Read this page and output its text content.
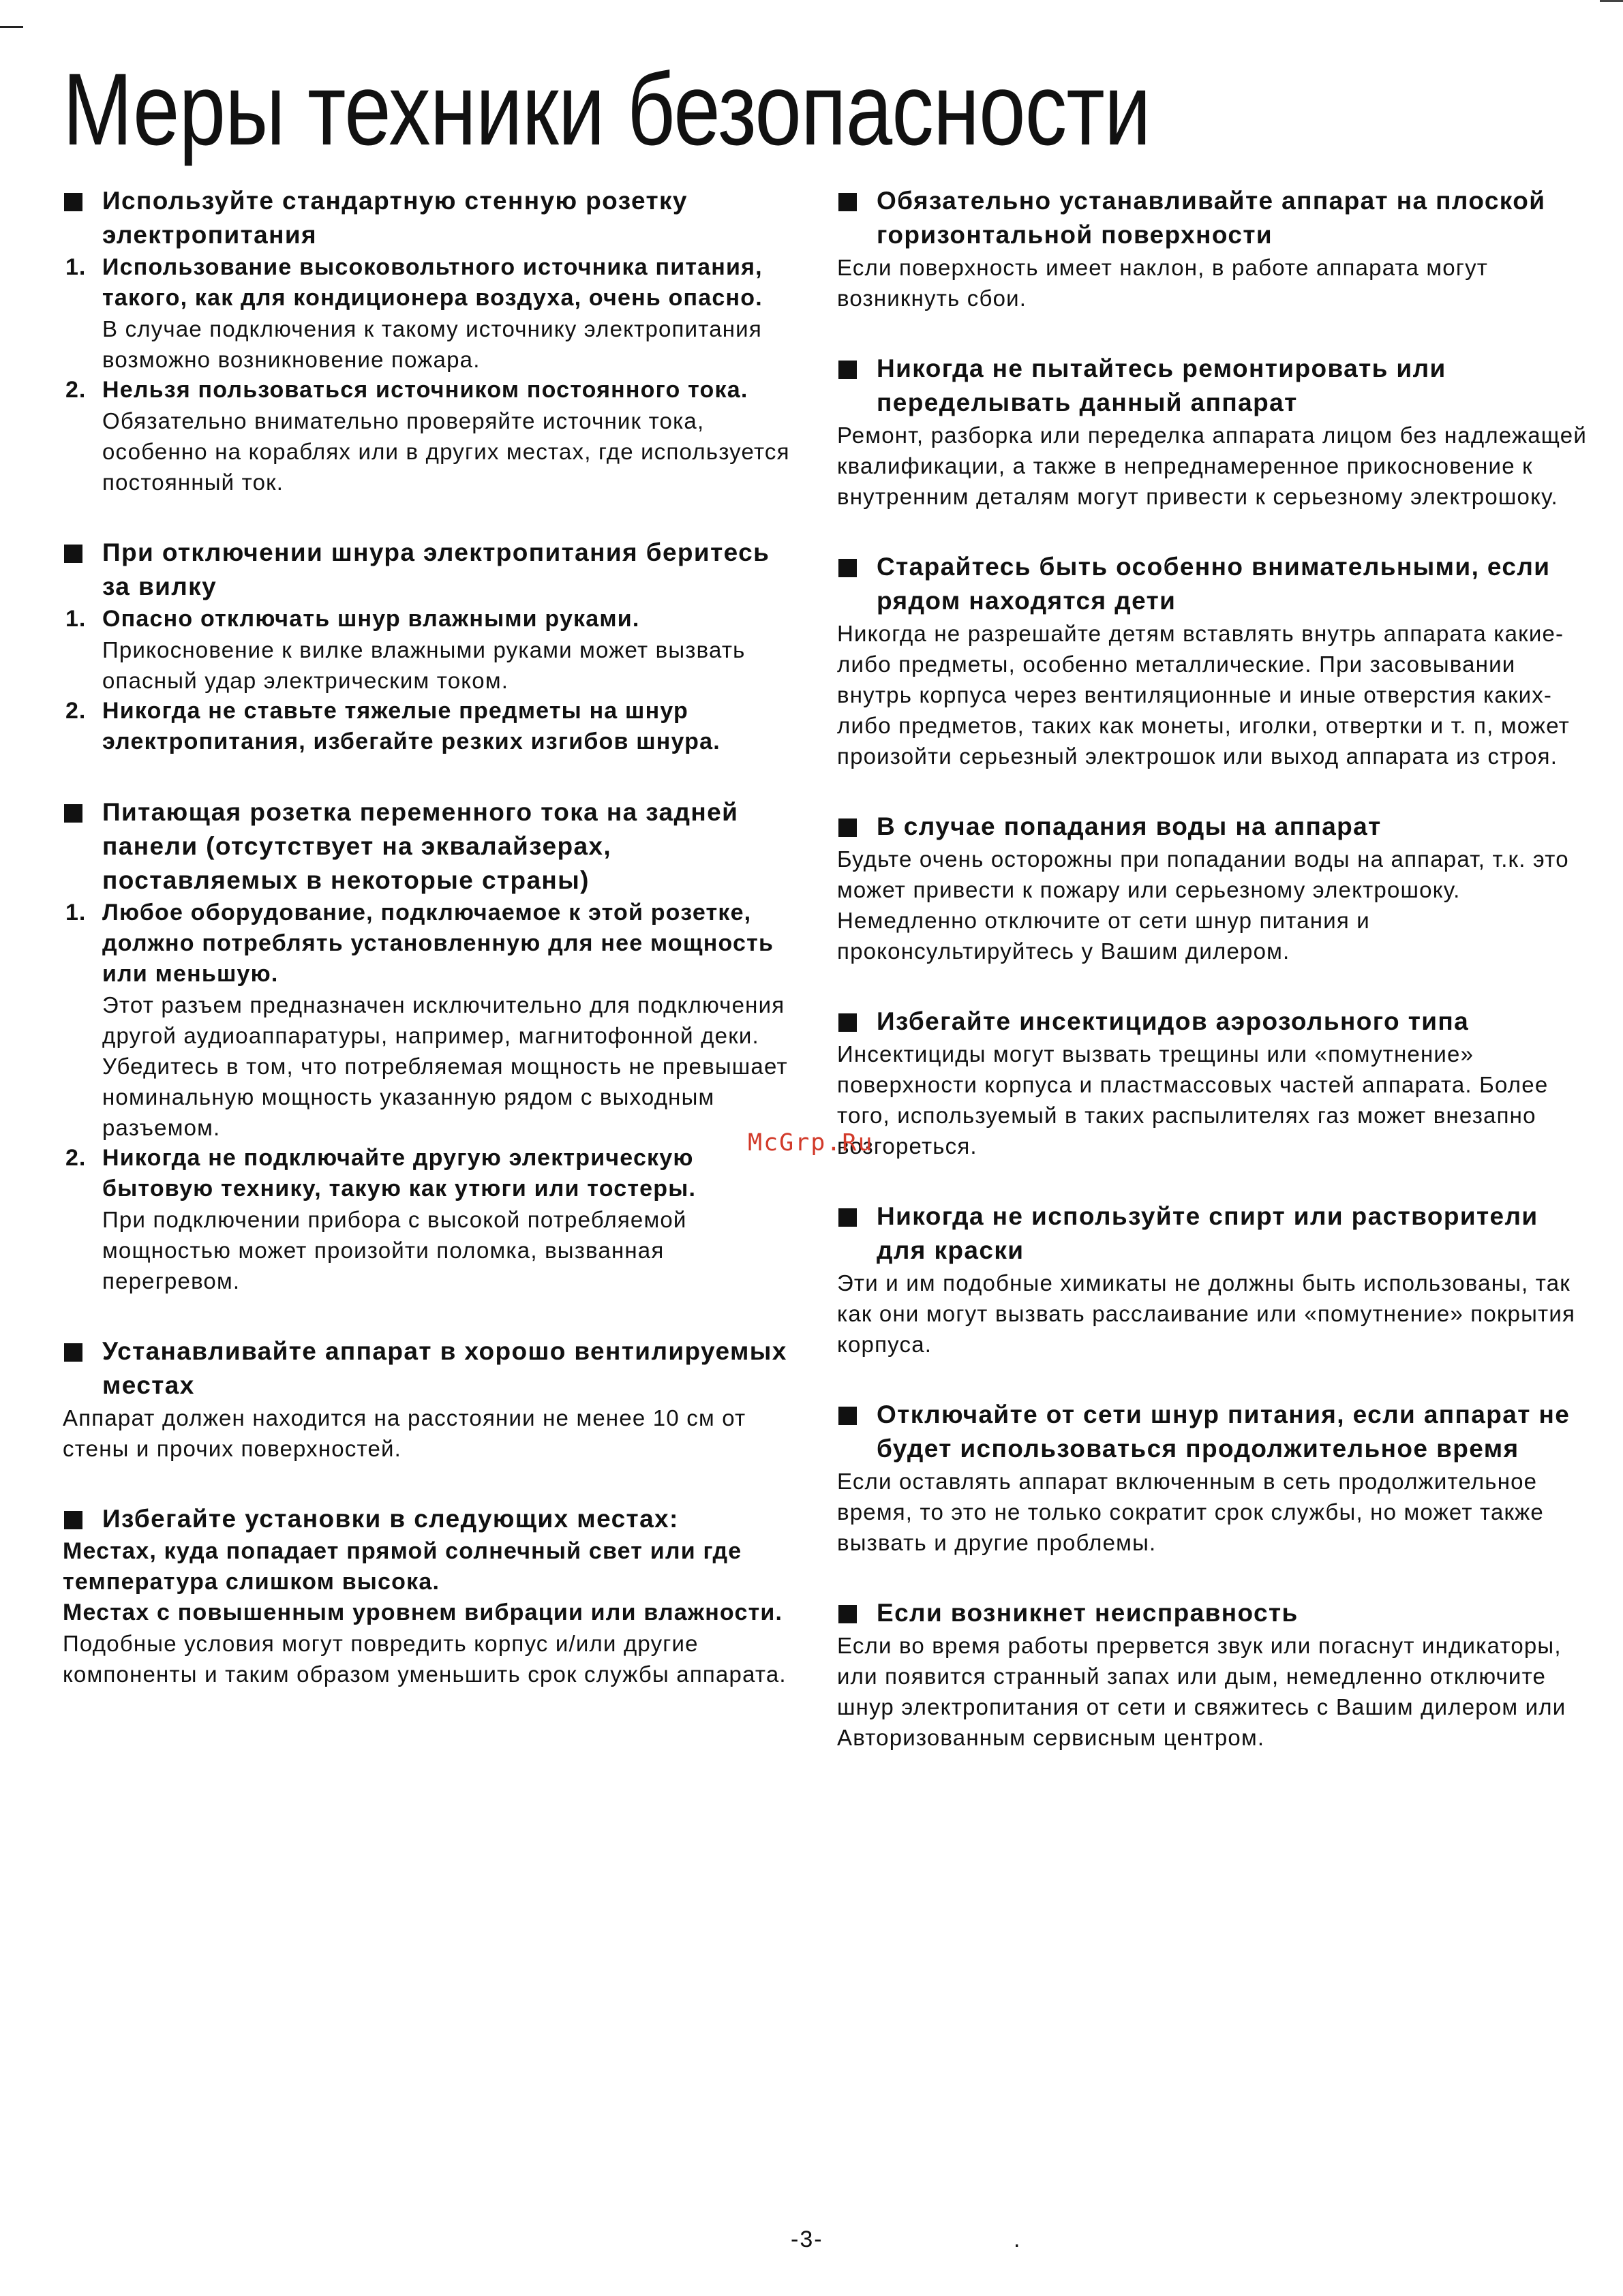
Меры техники безопасности
Используйте стандартную стенную розетку электропитания
1. Использование высоковольтного источника питания, такого, как для кондиционера воздуха, очень опасно.
В случае подключения к такому источнику электропитания возможно возникновение пожара.
2. Нельзя пользоваться источником постоянного тока.
Обязательно внимательно проверяйте источник тока, особенно на кораблях или в других местах, где используется постоянный ток.
При отключении шнура электропитания беритесь за вилку
1. Опасно отключать шнур влажными руками.
Прикосновение к вилке влажными руками может вызвать опасный удар электрическим током.
2. Никогда не ставьте тяжелые предметы на шнур электропитания, избегайте резких изгибов шнура.
Питающая розетка переменного тока на задней панели (отсутствует на эквалайзерах, поставляемых в некоторые страны)
1. Любое оборудование, подключаемое к этой розетке, должно потреблять установленную для нее мощность или меньшую.
Этот разъем предназначен исключительно для подключения другой аудиоаппаратуры, например, магнитофонной деки. Убедитесь в том, что потребляемая мощность не превышает номинальную мощность указанную рядом с выходным разъемом.
2. Никогда не подключайте другую электрическую бытовую технику, такую как утюги или тостеры.
При подключении прибора с высокой потребляемой мощностью может произойти поломка, вызванная перегревом.
Устанавливайте аппарат в хорошо вентилируемых местах
Аппарат должен находится на расстоянии не менее 10 см от стены и прочих поверхностей.
Избегайте установки в следующих местах:
Местах, куда попадает прямой солнечный свет или где температура слишком высока.
Местах с повышенным уровнем вибрации или влажности.
Подобные условия могут повредить корпус и/или другие компоненты и таким образом уменьшить срок службы аппарата.
Обязательно устанавливайте аппарат на плоской горизонтальной поверхности
Если поверхность имеет наклон, в работе аппарата могут возникнуть сбои.
Никогда не пытайтесь ремонтировать или переделывать данный аппарат
Ремонт, разборка или переделка аппарата лицом без надлежащей квалификации, а также в непреднамеренное прикосновение к внутренним деталям могут привести к серьезному электрошоку.
Старайтесь быть особенно внимательными, если рядом находятся дети
Никогда не разрешайте детям вставлять внутрь аппарата какие-либо предметы, особенно металлические. При засовывании внутрь корпуса через вентиляционные и иные отверстия каких-либо предметов, таких как монеты, иголки, отвертки и т. п, может произойти серьезный электрошок или выход аппарата из строя.
В случае попадания воды на аппарат
Будьте очень осторожны при попадании воды на аппарат, т.к. это может привести к пожару или серьезному электрошоку. Немедленно отключите от сети шнур питания и проконсультируйтесь у Вашим дилером.
Избегайте инсектицидов аэрозольного типа
Инсектициды могут вызвать трещины или «помутнение» поверхности корпуса и пластмассовых частей аппарата. Более того, используемый в таких распылителях газ может внезапно возгореться.
Никогда не используйте спирт или растворители для краски
Эти и им подобные химикаты не должны быть использованы, так как они могут вызвать расслаивание или «помутнение» покрытия корпуса.
Отключайте от сети шнур питания, если аппарат не будет использоваться продолжительное время
Если оставлять аппарат включенным в сеть продолжительное время, то это не только сократит срок службы, но может также вызвать и другие проблемы.
Если возникнет неисправность
Если во время работы прервется звук или погаснут индикаторы, или появится странный запах или дым, немедленно отключите шнур электропитания от сети и свяжитесь с Вашим дилером или Авторизованным сервисным центром.
McGrp.Ru
-3-	.
